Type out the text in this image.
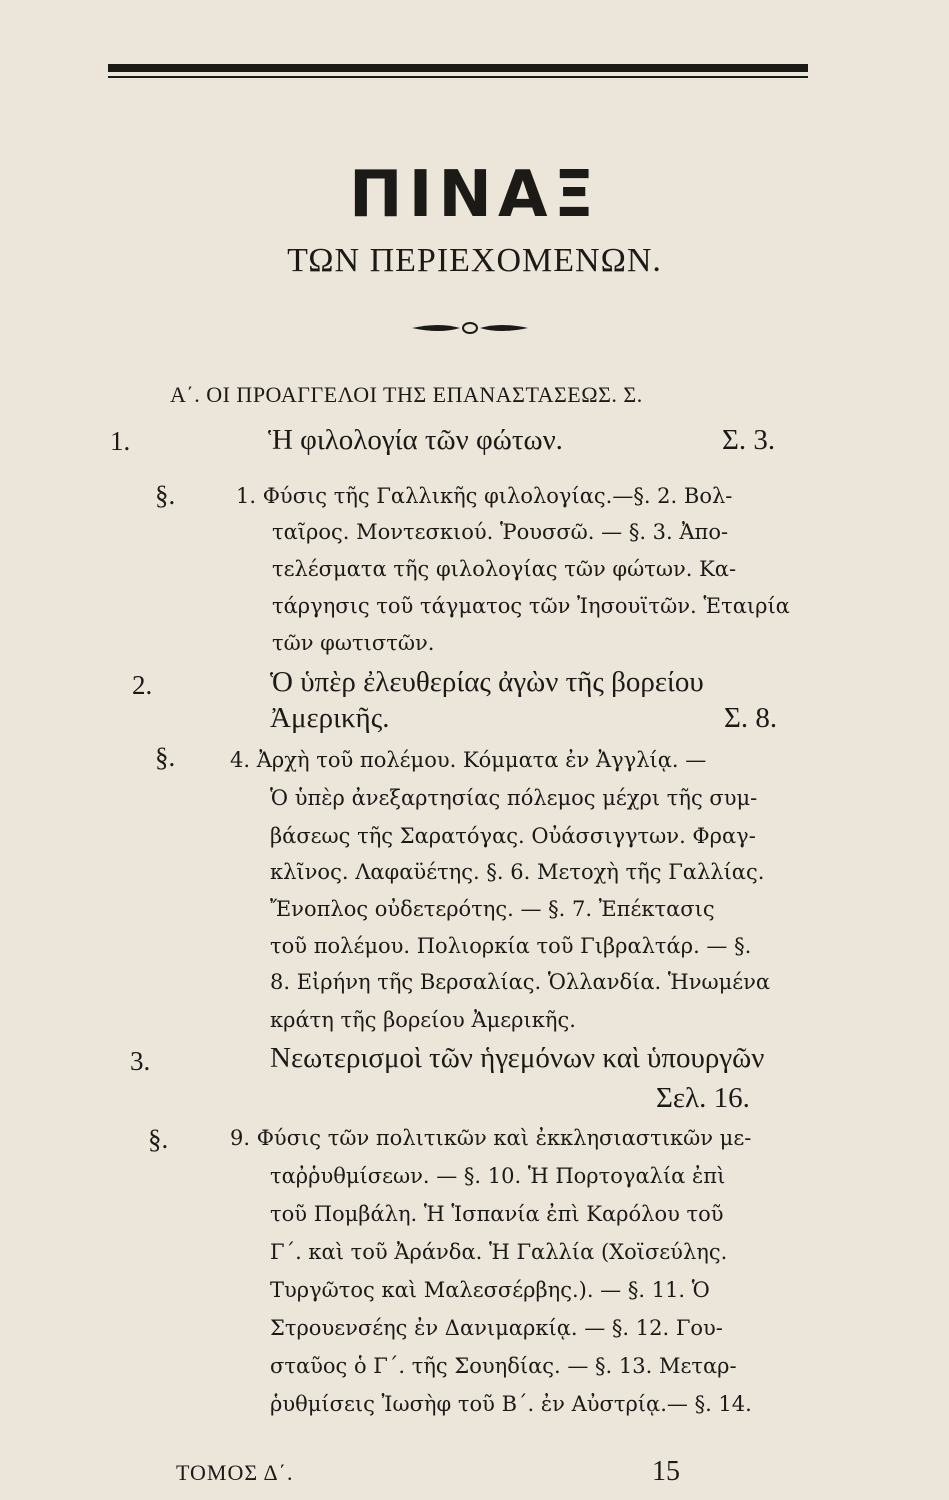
ΠΙΝΑΞ
ΤΩΝ ΠΕΡΙΕΧΟΜΕΝΩΝ.
Α΄. ΟΙ ΠΡΟΑΓΓΕΛΟΙ ΤΗΣ ΕΠΑΝΑΣΤΑΣΕΩΣ. Σ.
1.	Ἡ φιλολογία τῶν φώτων.	Σ. 3.
§.	1. Φύσις τῆς Γαλλικῆς φιλολογίας.—§. 2. Βολ-
ταῖρος. Μοντεσκιού. Ῥουσσῶ. — §. 3. Ἀπο-
τελέσματα τῆς φιλολογίας τῶν φώτων. Κα-
τάργησις τοῦ τάγματος τῶν Ἰησουϊτῶν. Ἑταιρία
τῶν φωτιστῶν.
2.	Ὁ ὑπὲρ ἐλευθερίας ἀγὼν τῆς βορείου
Ἀμερικῆς.	Σ. 8.
§.	4. Ἀρχὴ τοῦ πολέμου. Κόμματα ἐν Ἀγγλίᾳ. —
Ὁ ὑπὲρ ἀνεξαρτησίας πόλεμος μέχρι τῆς συμ-
βάσεως τῆς Σαρατόγας. Οὐάσσιγγτων. Φραγ-
κλῖνος. Λαφαϋέτης. §. 6. Μετοχὴ τῆς Γαλλίας.
Ἔνοπλος οὐδετερότης. — §. 7. Ἐπέκτασις
τοῦ πολέμου. Πολιορκία τοῦ Γιβραλτάρ. — §.
8. Εἰρήνη τῆς Βερσαλίας. Ὁλλανδία. Ἡνωμένα
κράτη τῆς βορείου Ἀμερικῆς.
3.	Νεωτερισμοὶ τῶν ἡγεμόνων καὶ ὑπουργῶν
Σελ. 16.
§.	9. Φύσις τῶν πολιτικῶν καὶ ἐκκλησιαστικῶν με-
ταῤῥυθμίσεων. — §. 10. Ἡ Πορτογαλία ἐπὶ
τοῦ Πομβάλη. Ἡ Ἱσπανία ἐπὶ Καρόλου τοῦ
Γ΄. καὶ τοῦ Ἀράνδα. Ἡ Γαλλία (Χοϊσεύλης.
Τυργῶτος καὶ Μαλεσσέρβης.). — §. 11. Ὁ
Στρουενσέης ἐν Δανιμαρκίᾳ. — §. 12. Γου-
σταῦος ὁ Γ΄. τῆς Σουηδίας. — §. 13. Μεταρ-
ῥυθμίσεις Ἰωσὴφ τοῦ Β΄. ἐν Αὐστρίᾳ.— §. 14.
ΤΟΜΟΣ Δ΄.	15
